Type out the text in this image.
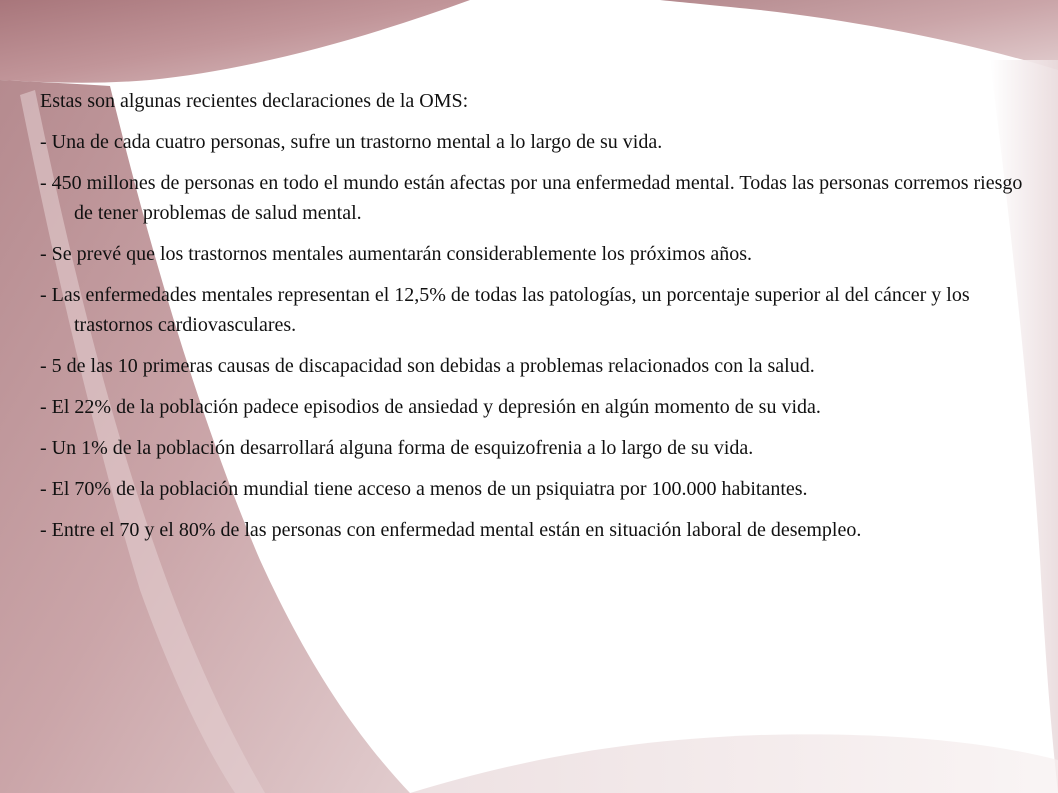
Estas son algunas recientes declaraciones de la OMS:

- Una de cada cuatro personas, sufre un trastorno mental a lo largo de su vida.

- 450 millones de personas en todo el mundo están afectas por una enfermedad mental. Todas las personas corremos riesgo de tener problemas de salud mental.

- Se prevé que los trastornos mentales aumentarán considerablemente los próximos años.

- Las enfermedades mentales representan el 12,5% de todas las patologías, un porcentaje superior al del cáncer y los trastornos cardiovasculares.

- 5 de las 10 primeras causas de discapacidad son debidas a problemas relacionados con la salud.

- El 22% de la población padece episodios de ansiedad y depresión en algún momento de su vida.

- Un 1% de la población desarrollará alguna forma de esquizofrenia a lo largo de su vida.

- El 70% de la población mundial tiene acceso a menos de un psiquiatra por 100.000 habitantes.

- Entre el 70 y el 80% de las personas con enfermedad mental están en situación laboral de desempleo.
